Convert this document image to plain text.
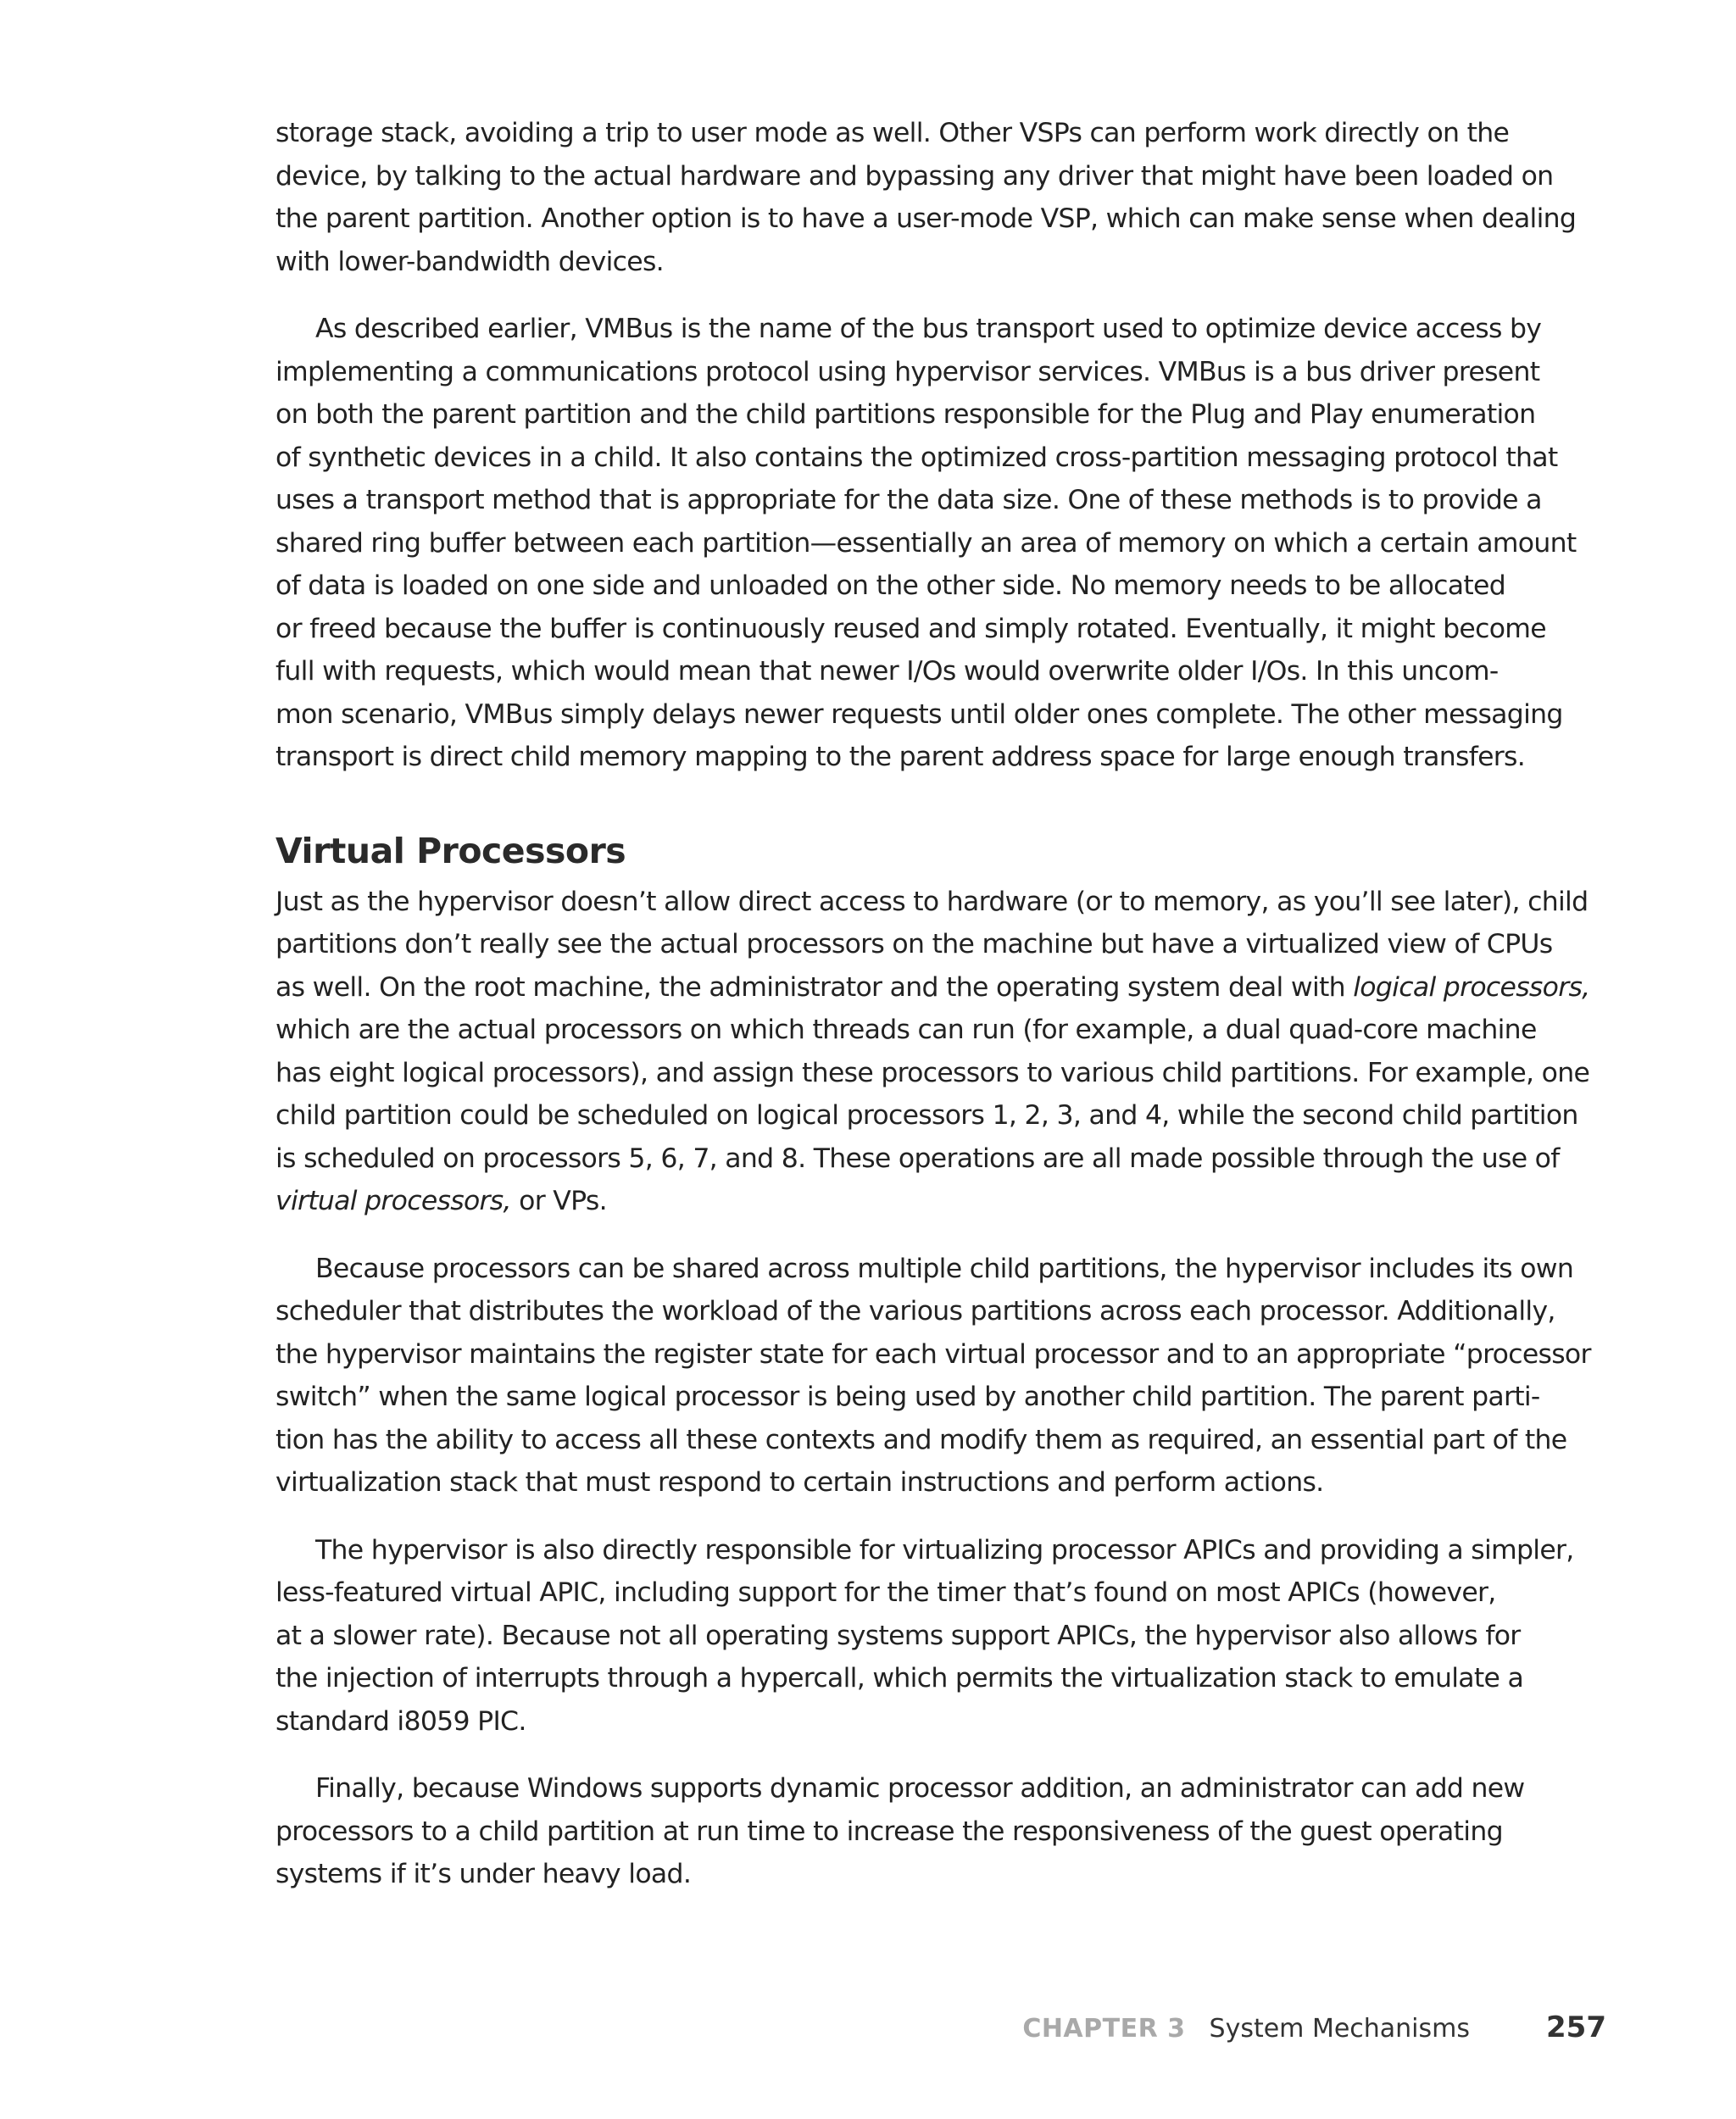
storage stack, avoiding a trip to user mode as well. Other VSPs can perform work directly on the
device, by talking to the actual hardware and bypassing any driver that might have been loaded on
the parent partition. Another option is to have a user-mode VSP, which can make sense when dealing
with lower-bandwidth devices.

As described earlier, VMBus is the name of the bus transport used to optimize device access by
implementing a communications protocol using hypervisor services. VMBus is a bus driver present
on both the parent partition and the child partitions responsible for the Plug and Play enumeration
of synthetic devices in a child. It also contains the optimized cross-partition messaging protocol that
uses a transport method that is appropriate for the data size. One of these methods is to provide a
shared ring buffer between each partition—essentially an area of memory on which a certain amount
of data is loaded on one side and unloaded on the other side. No memory needs to be allocated
or freed because the buffer is continuously reused and simply rotated. Eventually, it might become
full with requests, which would mean that newer I/Os would overwrite older I/Os. In this uncom-
mon scenario, VMBus simply delays newer requests until older ones complete. The other messaging
transport is direct child memory mapping to the parent address space for large enough transfers.

Virtual Processors

Just as the hypervisor doesn’t allow direct access to hardware (or to memory, as you’ll see later), child
partitions don’t really see the actual processors on the machine but have a virtualized view of CPUs
as well. On the root machine, the administrator and the operating system deal with logical processors,
which are the actual processors on which threads can run (for example, a dual quad-core machine
has eight logical processors), and assign these processors to various child partitions. For example, one
child partition could be scheduled on logical processors 1, 2, 3, and 4, while the second child partition
is scheduled on processors 5, 6, 7, and 8. These operations are all made possible through the use of
virtual processors, or VPs.

Because processors can be shared across multiple child partitions, the hypervisor includes its own
scheduler that distributes the workload of the various partitions across each processor. Additionally,
the hypervisor maintains the register state for each virtual processor and to an appropriate “processor
switch” when the same logical processor is being used by another child partition. The parent parti-
tion has the ability to access all these contexts and modify them as required, an essential part of the
virtualization stack that must respond to certain instructions and perform actions.

The hypervisor is also directly responsible for virtualizing processor APICs and providing a simpler,
less-featured virtual APIC, including support for the timer that’s found on most APICs (however,
at a slower rate). Because not all operating systems support APICs, the hypervisor also allows for
the injection of interrupts through a hypercall, which permits the virtualization stack to emulate a
standard i8059 PIC.

Finally, because Windows supports dynamic processor addition, an administrator can add new
processors to a child partition at run time to increase the responsiveness of the guest operating
systems if it’s under heavy load.

CHAPTER 3 System Mechanisms	257
